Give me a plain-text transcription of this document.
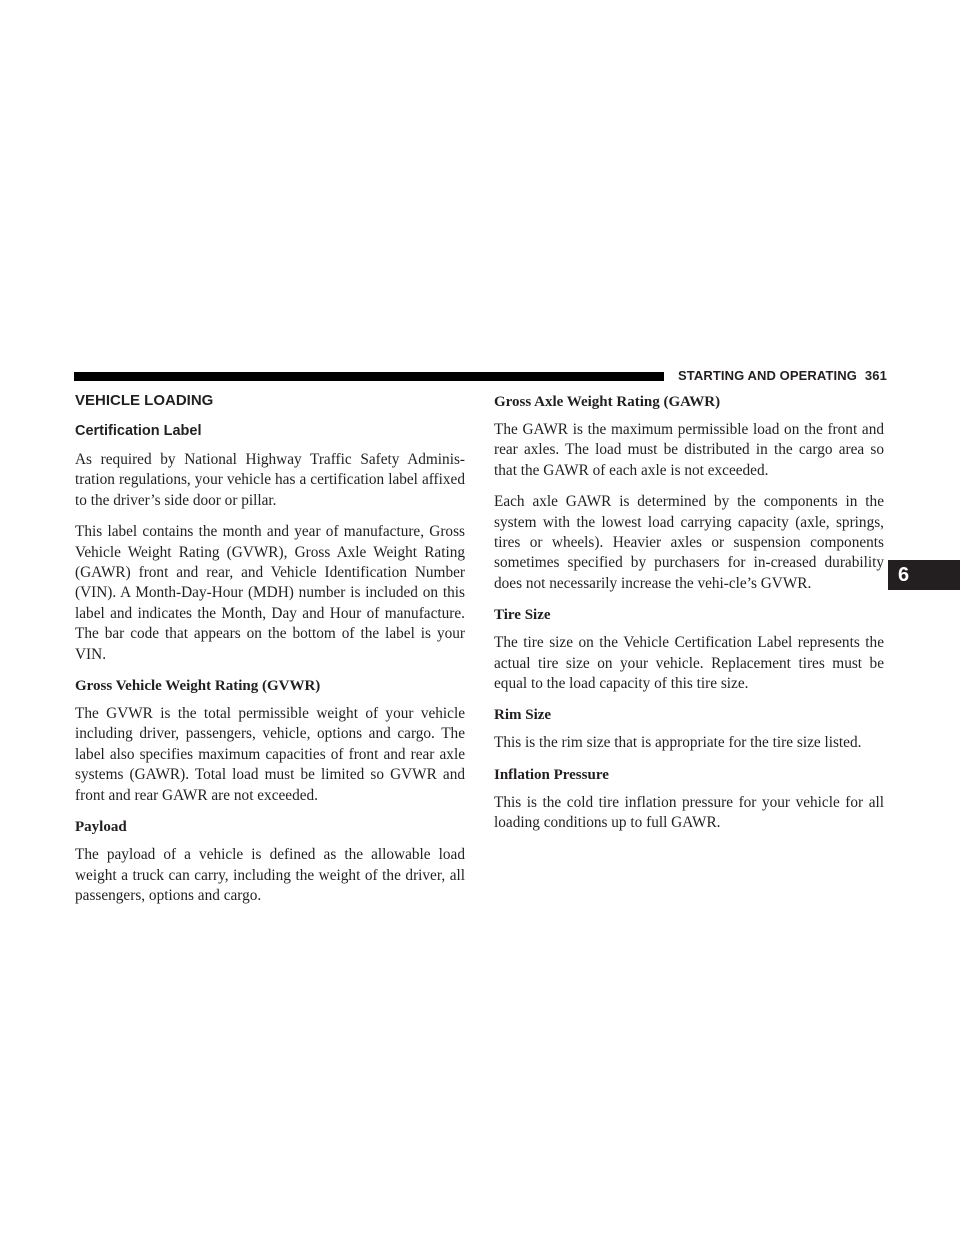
STARTING AND OPERATING 361
6
VEHICLE LOADING
Certification Label

As required by National Highway Traffic Safety Adminis-tration regulations, your vehicle has a certification label affixed to the driver’s side door or pillar.

This label contains the month and year of manufacture, Gross Vehicle Weight Rating (GVWR), Gross Axle Weight Rating (GAWR) front and rear, and Vehicle Identification Number (VIN). A Month-Day-Hour (MDH) number is included on this label and indicates the Month, Day and Hour of manufacture. The bar code that appears on the bottom of the label is your VIN.

Gross Vehicle Weight Rating (GVWR)

The GVWR is the total permissible weight of your vehicle including driver, passengers, vehicle, options and cargo. The label also specifies maximum capacities of front and rear axle systems (GAWR). Total load must be limited so GVWR and front and rear GAWR are not exceeded.

Payload

The payload of a vehicle is defined as the allowable load weight a truck can carry, including the weight of the driver, all passengers, options and cargo.

Gross Axle Weight Rating (GAWR)

The GAWR is the maximum permissible load on the front and rear axles. The load must be distributed in the cargo area so that the GAWR of each axle is not exceeded.

Each axle GAWR is determined by the components in the system with the lowest load carrying capacity (axle, springs, tires or wheels). Heavier axles or suspension components sometimes specified by purchasers for in-creased durability does not necessarily increase the vehi-cle’s GVWR.

Tire Size

The tire size on the Vehicle Certification Label represents the actual tire size on your vehicle. Replacement tires must be equal to the load capacity of this tire size.

Rim Size

This is the rim size that is appropriate for the tire size listed.

Inflation Pressure

This is the cold tire inflation pressure for your vehicle for all loading conditions up to full GAWR.
